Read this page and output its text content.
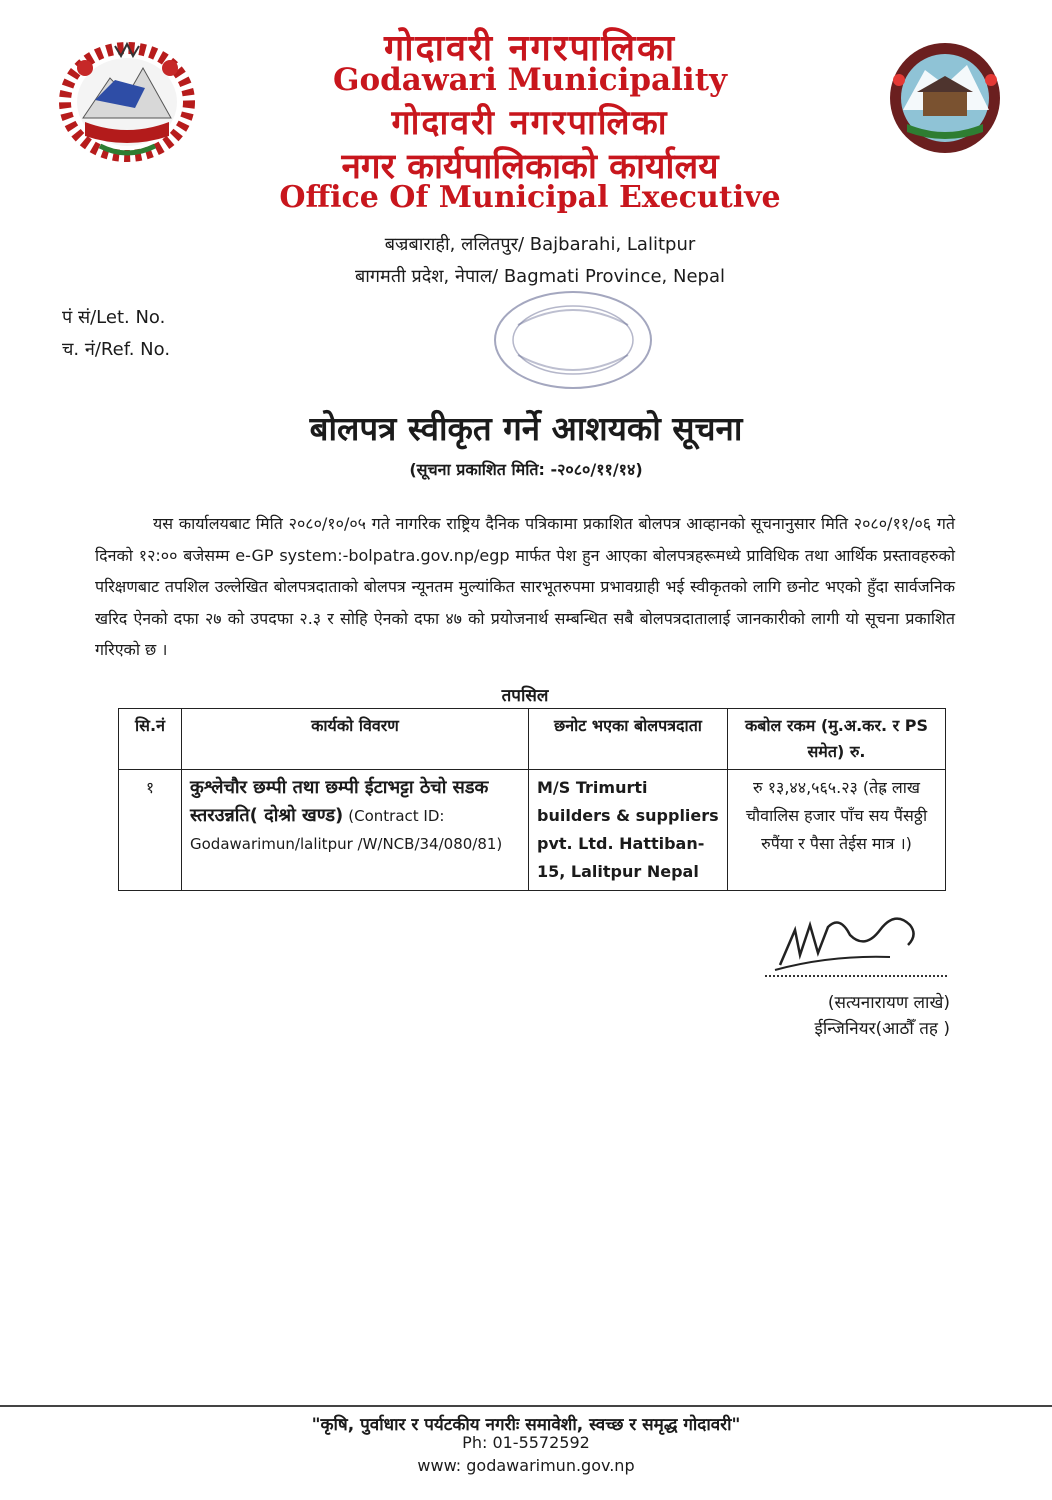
गोदावरी नगरपालिका
Godawari Municipality
गोदावरी नगरपालिका
नगर कार्यपालिकाको कार्यालय
Office Of Municipal Executive
बज्रबाराही, ललितपुर/ Bajbarahi, Lalitpur
बागमती प्रदेश, नेपाल/ Bagmati Province, Nepal
पं सं/Let. No.
च. नं/Ref. No.
बोलपत्र स्वीकृत गर्ने आशयको सूचना
(सूचना प्रकाशित मिति: -२०८०/११/१४)
यस कार्यालयबाट मिति २०८०/१०/०५ गते नागरिक राष्ट्रिय दैनिक पत्रिकामा प्रकाशित बोलपत्र आव्हानको सूचनानुसार मिति २०८०/११/०६ गते दिनको १२:०० बजेसम्म e-GP system:-bolpatra.gov.np/egp मार्फत पेश हुन आएका बोलपत्रहरूमध्ये प्राविधिक तथा आर्थिक प्रस्तावहरुको परिक्षणबाट तपशिल उल्लेखित बोलपत्रदाताको बोलपत्र न्यूनतम मुल्यांकित सारभूतरुपमा प्रभावग्राही भई स्वीकृतको लागि छनोट भएको हुँदा सार्वजनिक खरिद ऐनको दफा २७ को उपदफा २.३ र सोहि ऐनको दफा ४७ को प्रयोजनार्थ सम्बन्धित सबै बोलपत्रदातालाई जानकारीको लागी यो सूचना प्रकाशित गरिएको छ ।
तपसिल
सि.नं	कार्यको विवरण	छनोट भएका बोलपत्रदाता	कबोल रकम (मु.अ.कर. र PS समेत) रु.
१	कुश्लेचौर छम्पी तथा छम्पी ईटाभट्टा ठेचो सडक स्तरउन्नति( दोश्रो खण्ड) (Contract ID: Godawarimun/lalitpur /W/NCB/34/080/81)	M/S Trimurti builders & suppliers pvt. Ltd. Hattiban-15, Lalitpur Nepal	रु १३,४४,५६५.२३ (तेह्र लाख चौवालिस हजार पाँच सय पैंसठ्ठी रुपैंया र पैसा तेईस मात्र ।)
(सत्यनारायण लाखे)
ईन्जिनियर(आठौँ तह )
"कृषि, पुर्वाधार र पर्यटकीय नगरीः समावेशी, स्वच्छ र समृद्ध गोदावरी"
Ph: 01-5572592
www: godawarimun.gov.np
